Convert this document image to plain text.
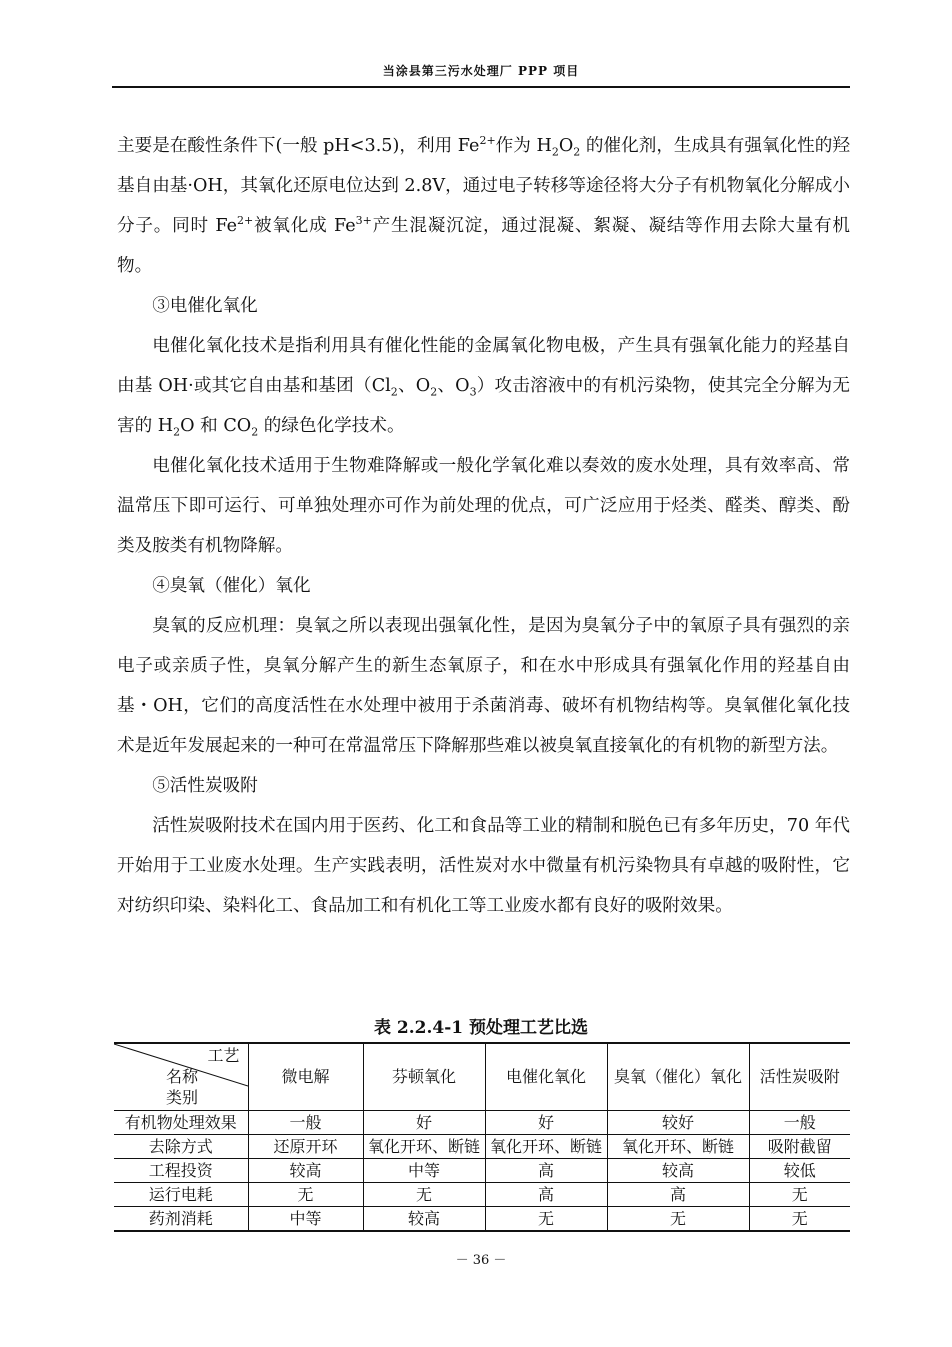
当涂县第三污水处理厂 PPP 项目

主要是在酸性条件下(一般 pH<3.5)，利用 $Fe^{2+}$作为 $H_2O_2$ 的催化剂，生成具有强氧化性的羟基自由基·OH，其氧化还原电位达到 2.8V，通过电子转移等途径将大分子有机物氧化分解成小分子。同时 $Fe^{2+}$被氧化成 $Fe^{3+}$产生混凝沉淀，通过混凝、絮凝、凝结等作用去除大量有机物。

③电催化氧化

电催化氧化技术是指利用具有催化性能的金属氧化物电极，产生具有强氧化能力的羟基自由基 OH·或其它自由基和基团（$Cl_2$、$O_2$、$O_3$）攻击溶液中的有机污染物，使其完全分解为无害的 $H_2O$ 和 $CO_2$ 的绿色化学技术。

电催化氧化技术适用于生物难降解或一般化学氧化难以奏效的废水处理，具有效率高、常温常压下即可运行、可单独处理亦可作为前处理的优点，可广泛应用于烃类、醛类、醇类、酚类及胺类有机物降解。

④臭氧（催化）氧化

臭氧的反应机理：臭氧之所以表现出强氧化性，是因为臭氧分子中的氧原子具有强烈的亲电子或亲质子性，臭氧分解产生的新生态氧原子，和在水中形成具有强氧化作用的羟基自由基・OH，它们的高度活性在水处理中被用于杀菌消毒、破坏有机物结构等。臭氧催化氧化技术是近年发展起来的一种可在常温常压下降解那些难以被臭氧直接氧化的有机物的新型方法。

⑤活性炭吸附

活性炭吸附技术在国内用于医药、化工和食品等工业的精制和脱色已有多年历史，70 年代开始用于工业废水处理。生产实践表明，活性炭对水中微量有机污染物具有卓越的吸附性，它对纺织印染、染料化工、食品加工和有机化工等工业废水都有良好的吸附效果。

表 2.2.4-1 预处理工艺比选
工艺
名称
类别	微电解	芬顿氧化	电催化氧化	臭氧（催化）氧化	活性炭吸附
有机物处理效果	一般	好	好	较好	一般
去除方式	还原开环	氧化开环、断链	氧化开环、断链	氧化开环、断链	吸附截留
工程投资	较高	中等	高	较高	较低
运行电耗	无	无	高	高	无
药剂消耗	中等	较高	无	无	无
－ 36 －
